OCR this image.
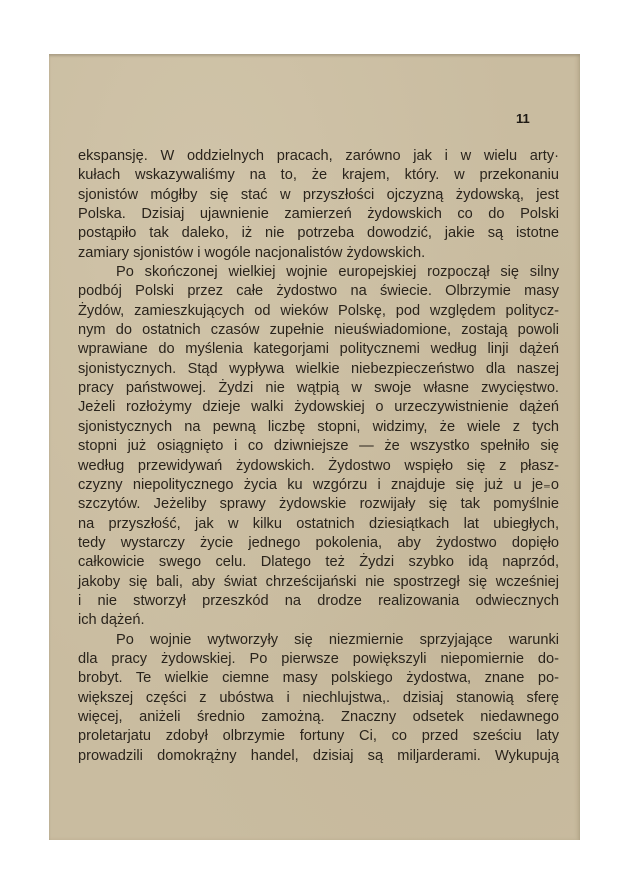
11
ekspansję. W oddzielnych pracach, zarówno jak i w wielu arty·
kułach wskazywaliśmy na to, że krajem, który. w przekonaniu
sjonistów mógłby się stać w przyszłości ojczyzną żydowską, jest
Polska. Dzisiaj ujawnienie zamierzeń żydowskich co do Polski
postąpiło tak daleko, iż nie potrzeba dowodzić, jakie są istotne
zamiary sjonistów i wogóle nacjonalistów żydowskich.
Po skończonej wielkiej wojnie europejskiej rozpoczął się silny
podbój Polski przez całe żydostwo na świecie. Olbrzymie masy
Żydów, zamieszkujących od wieków Polskę, pod względem politycz-
nym do ostatnich czasów zupełnie nieuświadomione, zostają powoli
wprawiane do myślenia kategorjami politycznemi według linji dążeń
sjonistycznych. Stąd wypływa wielkie niebezpieczeństwo dla naszej
pracy państwowej. Żydzi nie wątpią w swoje własne zwycięstwo.
Jeżeli rozłożymy dzieje walki żydowskiej o urzeczywistnienie dążeń
sjonistycznych na pewną liczbę stopni, widzimy, że wiele z tych
stopni już osiągnięto i co dziwniejsze — że wszystko spełniło się
według przewidywań żydowskich. Żydostwo wspięło się z płasz-
czyzny niepolitycznego życia ku wzgórzu i znajduje się już u je₌o
szczytów. Jeżeliby sprawy żydowskie rozwijały się tak pomyślnie
na przyszłość, jak w kilku ostatnich dziesiątkach lat ubiegłych,
tedy wystarczy życie jednego pokolenia, aby żydostwo dopięło
całkowicie swego celu. Dlatego też Żydzi szybko idą naprzód,
jakoby się bali, aby świat chrześcijański nie spostrzegł się wcześniej
i nie stworzył przeszkód na drodze realizowania odwiecznych
ich dążeń.
Po wojnie wytworzyły się niezmiernie sprzyjające warunki
dla pracy żydowskiej. Po pierwsze powiększyli niepomiernie do-
brobyt. Te wielkie ciemne masy polskiego żydostwa, znane po-
większej części z ubóstwa i niechlujstwa,. dzisiaj stanowią sferę
więcej, aniżeli średnio zamożną. Znaczny odsetek niedawnego
proletarjatu zdobył olbrzymie fortuny Ci, co przed sześciu laty
prowadzili domokrążny handel, dzisiaj są miljarderami. Wykupują
